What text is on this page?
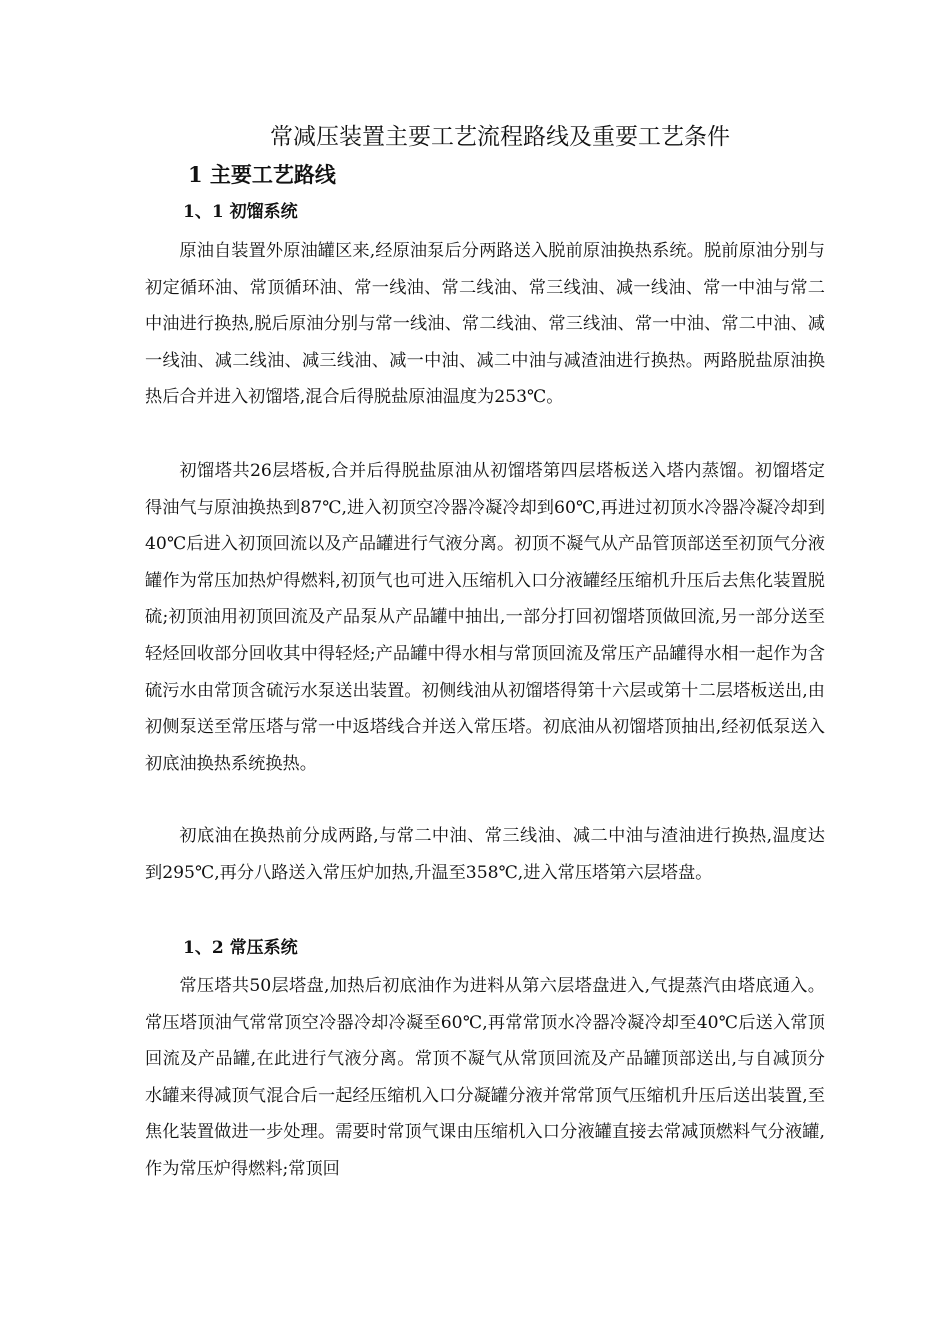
常减压装置主要工艺流程路线及重要工艺条件
1 主要工艺路线
1、1 初馏系统

原油自装置外原油罐区来,经原油泵后分两路送入脱前原油换热系统。脱前原油分别与初定循环油、常顶循环油、常一线油、常二线油、常三线油、减一线油、常一中油与常二中油进行换热,脱后原油分别与常一线油、常二线油、常三线油、常一中油、常二中油、减一线油、减二线油、减三线油、减一中油、减二中油与减渣油进行换热。两路脱盐原油换热后合并进入初馏塔,混合后得脱盐原油温度为253℃。

初馏塔共26层塔板,合并后得脱盐原油从初馏塔第四层塔板送入塔内蒸馏。初馏塔定得油气与原油换热到87℃,进入初顶空冷器冷凝冷却到60℃,再进过初顶水冷器冷凝冷却到40℃后进入初顶回流以及产品罐进行气液分离。初顶不凝气从产品管顶部送至初顶气分液罐作为常压加热炉得燃料,初顶气也可进入压缩机入口分液罐经压缩机升压后去焦化装置脱硫;初顶油用初顶回流及产品泵从产品罐中抽出,一部分打回初馏塔顶做回流,另一部分送至轻烃回收部分回收其中得轻烃;产品罐中得水相与常顶回流及常压产品罐得水相一起作为含硫污水由常顶含硫污水泵送出装置。初侧线油从初馏塔得第十六层或第十二层塔板送出,由初侧泵送至常压塔与常一中返塔线合并送入常压塔。初底油从初馏塔顶抽出,经初低泵送入初底油换热系统换热。

初底油在换热前分成两路,与常二中油、常三线油、减二中油与渣油进行换热,温度达到295℃,再分八路送入常压炉加热,升温至358℃,进入常压塔第六层塔盘。

1、2 常压系统

常压塔共50层塔盘,加热后初底油作为进料从第六层塔盘进入,气提蒸汽由塔底通入。常压塔顶油气常常顶空冷器冷却冷凝至60℃,再常常顶水冷器冷凝冷却至40℃后送入常顶回流及产品罐,在此进行气液分离。常顶不凝气从常顶回流及产品罐顶部送出,与自减顶分水罐来得减顶气混合后一起经压缩机入口分凝罐分液并常常顶气压缩机升压后送出装置,至焦化装置做进一步处理。需要时常顶气课由压缩机入口分液罐直接去常减顶燃料气分液罐,作为常压炉得燃料;常顶回
